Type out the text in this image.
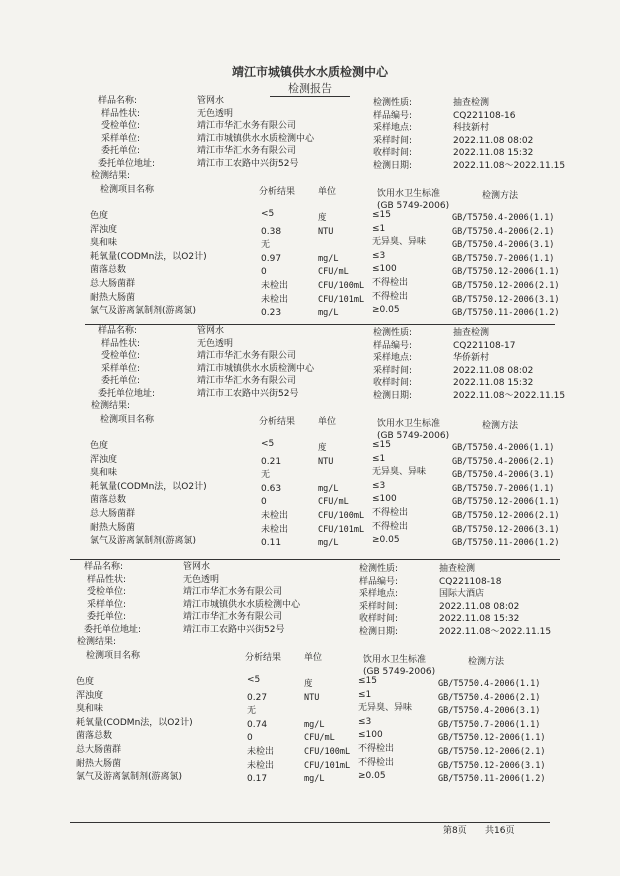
靖江市城镇供水水质检测中心
检测报告
样品名称:	管网水	检测性质:	抽查检测
样品性状:	无色透明	样品编号:	CQ221108-16
受检单位:	靖江市华汇水务有限公司	采样地点:	科技新村
采样单位:	靖江市城镇供水水质检测中心	采样时间:	2022.11.08 08:02
委托单位:	靖江市华汇水务有限公司	收样时间:	2022.11.08 15:32
委托单位地址:	靖江市工农路中兴街52号	检测日期:	2022.11.08～2022.11.15
检测结果:
检测项目名称	分析结果	单位	饮用水卫生标准
(GB 5749-2006)
检测方法
色度	<5	度	≤15	GB/T5750.4-2006(1.1)
浑浊度	0.38	NTU	≤1	GB/T5750.4-2006(2.1)
臭和味	无	无异臭、异味	GB/T5750.4-2006(3.1)
耗氧量(CODMn法，以O2计)	0.97	mg/L	≤3	GB/T5750.7-2006(1.1)
菌落总数	0	CFU/mL	≤100	GB/T5750.12-2006(1.1)
总大肠菌群	未检出	CFU/100mL 不得检出	GB/T5750.12-2006(2.1)
耐热大肠菌	未检出	CFU/101mL 不得检出	GB/T5750.12-2006(3.1)
氯气及游离氯制剂(游离氯)	0.23	mg/L	≥0.05	GB/T5750.11-2006(1.2)
样品名称:	管网水	检测性质:	抽查检测
样品性状:	无色透明	样品编号:	CQ221108-17
受检单位:	靖江市华汇水务有限公司	采样地点:	华侨新村
采样单位:	靖江市城镇供水水质检测中心	采样时间:	2022.11.08 08:02
委托单位:	靖江市华汇水务有限公司	收样时间:	2022.11.08 15:32
委托单位地址:	靖江市工农路中兴街52号	检测日期:	2022.11.08～2022.11.15
检测结果:
检测项目名称	分析结果	单位	饮用水卫生标准
(GB 5749-2006)
检测方法
色度	<5	度	≤15	GB/T5750.4-2006(1.1)
浑浊度	0.21	NTU	≤1	GB/T5750.4-2006(2.1)
臭和味	无	无异臭、异味	GB/T5750.4-2006(3.1)
耗氧量(CODMn法，以O2计)	0.63	mg/L	≤3	GB/T5750.7-2006(1.1)
菌落总数	0	CFU/mL	≤100	GB/T5750.12-2006(1.1)
总大肠菌群	未检出	CFU/100mL 不得检出	GB/T5750.12-2006(2.1)
耐热大肠菌	未检出	CFU/101mL 不得检出	GB/T5750.12-2006(3.1)
氯气及游离氯制剂(游离氯)	0.11	mg/L	≥0.05	GB/T5750.11-2006(1.2)
样品名称:	管网水	检测性质:	抽查检测
样品性状:	无色透明	样品编号:	CQ221108-18
受检单位:	靖江市华汇水务有限公司	采样地点:	国际大酒店
采样单位:	靖江市城镇供水水质检测中心	采样时间:	2022.11.08 08:02
委托单位:	靖江市华汇水务有限公司	收样时间:	2022.11.08 15:32
委托单位地址:	靖江市工农路中兴街52号	检测日期:	2022.11.08～2022.11.15
检测结果:
检测项目名称	分析结果	单位	饮用水卫生标准
(GB 5749-2006)
检测方法
色度	<5	度	≤15	GB/T5750.4-2006(1.1)
浑浊度	0.27	NTU	≤1	GB/T5750.4-2006(2.1)
臭和味	无	无异臭、异味	GB/T5750.4-2006(3.1)
耗氧量(CODMn法，以O2计)	0.74	mg/L	≤3	GB/T5750.7-2006(1.1)
菌落总数	0	CFU/mL	≤100	GB/T5750.12-2006(1.1)
总大肠菌群	未检出	CFU/100mL 不得检出	GB/T5750.12-2006(2.1)
耐热大肠菌	未检出	CFU/101mL 不得检出	GB/T5750.12-2006(3.1)
氯气及游离氯制剂(游离氯)	0.17	mg/L	≥0.05	GB/T5750.11-2006(1.2)
第8页 共16页
